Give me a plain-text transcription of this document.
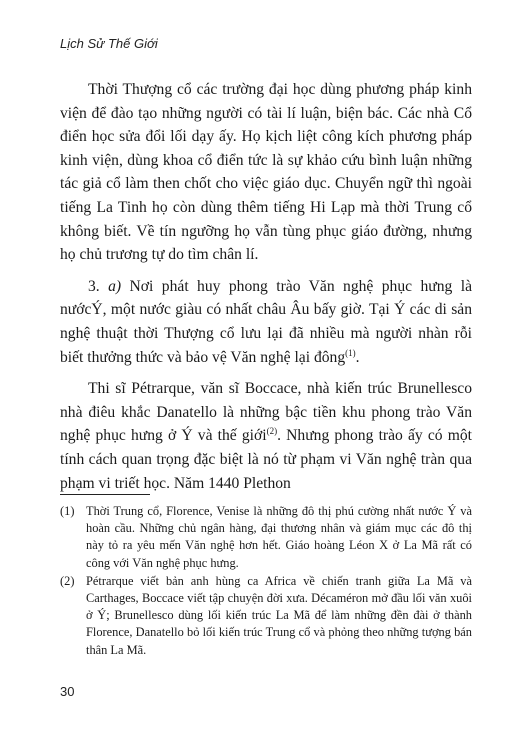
Lịch Sử Thế Giới

Thời Thượng cổ các trường đại học dùng phương pháp kinh viện để đào tạo những người có tài lí luận, biện bác. Các nhà Cổ điển học sửa đổi lối dạy ấy. Họ kịch liệt công kích phương pháp kinh viện, dùng khoa cổ điển tức là sự khảo cứu bình luận những tác giả cổ làm then chốt cho việc giáo dục. Chuyển ngữ thì ngoài tiếng La Tinh họ còn dùng thêm tiếng Hi Lạp mà thời Trung cổ không biết. Về tín ngưỡng họ vẫn tùng phục giáo đường, nhưng họ chủ trương tự do tìm chân lí.

3. a) Nơi phát huy phong trào Văn nghệ phục hưng là nướcÝ, một nước giàu có nhất châu Âu bấy giờ. Tại Ý các di sản nghệ thuật thời Thượng cổ lưu lại đã nhiều mà người nhàn rỗi biết thưởng thức và bảo vệ Văn nghệ lại đông$^{(1)}$.

Thi sĩ Pétrarque, văn sĩ Boccace, nhà kiến trúc Brunellesco nhà điêu khắc Danatello là những bậc tiền khu phong trào Văn nghệ phục hưng ở Ý và thế giới$^{(2)}$. Nhưng phong trào ấy có một tính cách quan trọng đặc biệt là nó từ phạm vi Văn nghệ tràn qua phạm vi triết học. Năm 1440 Plethon

(1) Thời Trung cổ, Florence, Venise là những đô thị phú cường nhất nước Ý và hoàn cầu. Những chủ ngân hàng, đại thương nhân và giám mục các đô thị này tỏ ra yêu mến Văn nghệ hơn hết. Giáo hoàng Léon X ở La Mã rất có công với Văn nghệ phục hưng.
(2) Pétrarque viết bản anh hùng ca Africa về chiến tranh giữa La Mã và Carthages, Boccace viết tập chuyện đời xưa. Décaméron mở đầu lối văn xuôi ở Ý; Brunellesco dùng lối kiến trúc La Mã để làm những đền đài ở thành Florence, Danatello bỏ lối kiến trúc Trung cổ và phỏng theo những tượng bán thân La Mã.
30
